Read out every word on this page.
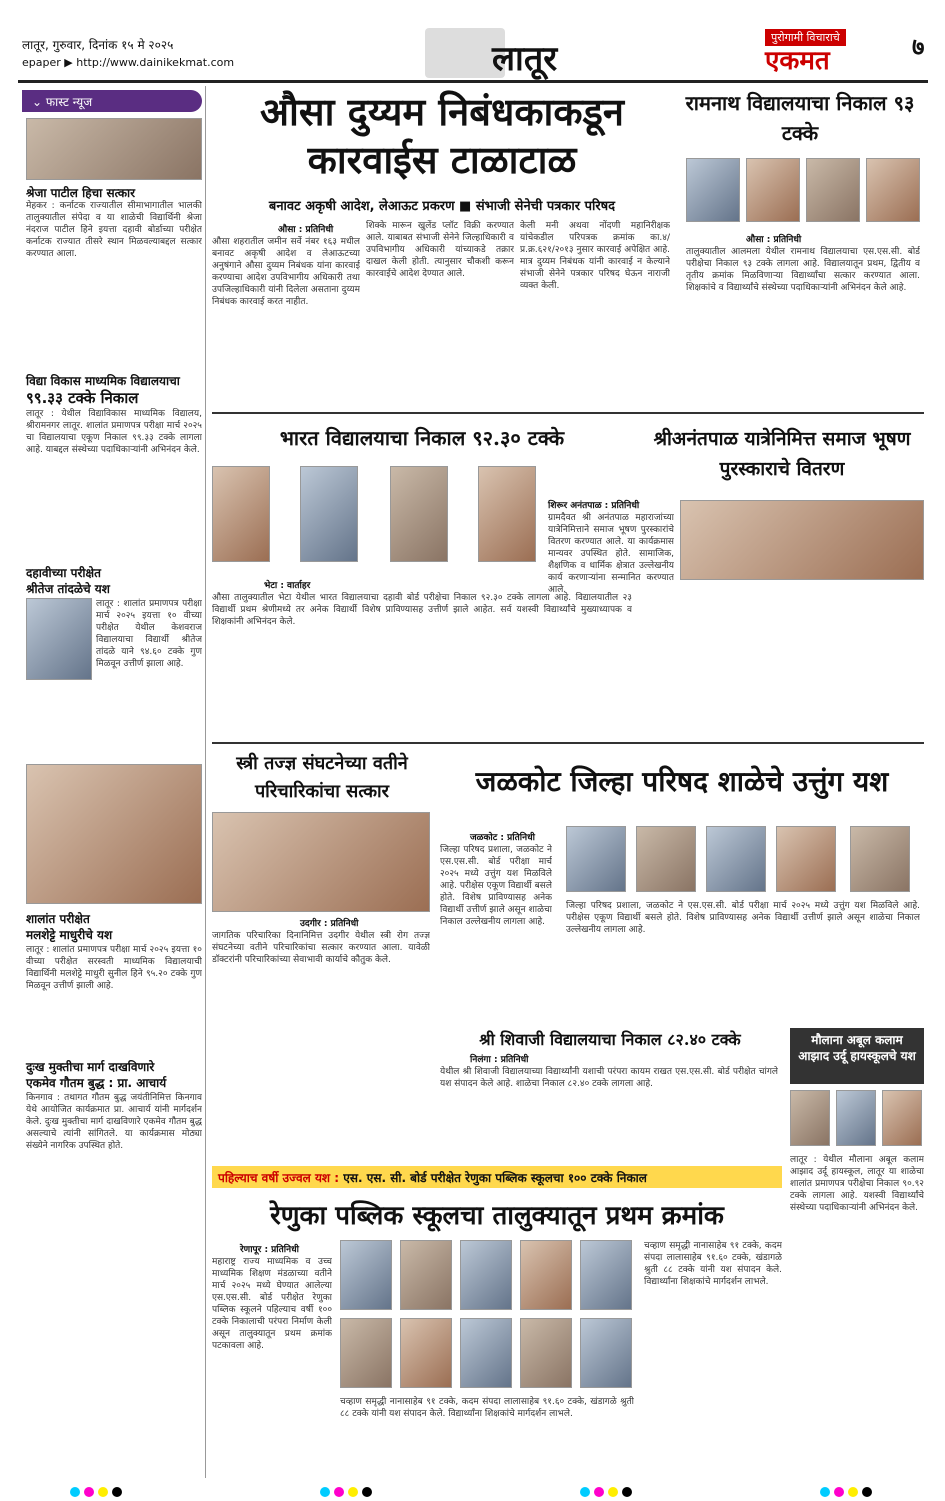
लातूर, गुरुवार, दिनांक १५ मे २०२५
epaper ▶ http://www.dainikekmat.com	लातूर
पुरोगामी विचाराचे
एकमत	७
⌄ फास्ट न्यूज
श्रेजा पाटील हिचा सत्कार
मेहकर : कर्नाटक राज्यातील सीमाभागातील भालकी तालुक्यातील संपेदा व या शाळेची विद्यार्थिनी श्रेजा नंदराज पाटील हिने इयत्ता दहावी बोर्डाच्या परीक्षेत कर्नाटक राज्यात तीसरे स्थान मिळवल्याबद्दल सत्कार करण्यात आला.
विद्या विकास माध्यमिक विद्यालयाचा
९९.३३ टक्के निकाल
लातूर : येथील विद्याविकास माध्यमिक विद्यालय, श्रीरामनगर लातूर. शालांत प्रमाणपत्र परीक्षा मार्च २०२५ चा विद्यालयाचा एकूण निकाल ९९.३३ टक्के लागला आहे. याबद्दल संस्थेच्या पदाधिकाऱ्यांनी अभिनंदन केले.
दहावीच्या परीक्षेत
श्रीतेज तांदळेचे यश
लातूर : शालांत प्रमाणपत्र परीक्षा मार्च २०२५ इयत्ता १० वीच्या परीक्षेत येथील केशवराज विद्यालयाचा विद्यार्थी श्रीतेज तांदळे याने ९४.६० टक्के गुण मिळवून उत्तीर्ण झाला आहे.
शालांत परीक्षेत
मलशेट्टे माधुरीचे यश
लातूर : शालांत प्रमाणपत्र परीक्षा मार्च २०२५ इयत्ता १० वीच्या परीक्षेत सरस्वती माध्यमिक विद्यालयाची विद्यार्थिनी मलशेट्टे माधुरी सुनील हिने ९५.२० टक्के गुण मिळवून उत्तीर्ण झाली आहे.
दुःख मुक्तीचा मार्ग दाखविणारे
एकमेव गौतम बुद्ध : प्रा. आचार्य
किनगाव : तथागत गौतम बुद्ध जयंतीनिमित्त किनगाव येथे आयोजित कार्यक्रमात प्रा. आचार्य यांनी मार्गदर्शन केले. दुःख मुक्तीचा मार्ग दाखविणारे एकमेव गौतम बुद्ध असल्याचे त्यांनी सांगितले. या कार्यक्रमास मोठ्या संख्येने नागरिक उपस्थित होते.
औसा दुय्यम निबंधकाकडून कारवाईस टाळाटाळ
बनावट अकृषी आदेश, लेआऊट प्रकरण ■ संभाजी सेनेची पत्रकार परिषद
औसा : प्रतिनिधी
औसा शहरातील जमीन सर्वे नंबर १६३ मधील बनावट अकृषी आदेश व लेआऊटच्या अनुषंगाने औसा दुय्यम निबंधक यांना कारवाई करण्याचा आदेश उपविभागीय अधिकारी तथा उपजिल्हाधिकारी यांनी दिलेला असताना दुय्यम निबंधक कारवाई करत नाहीत.
शिक्के मारून खुलेंड प्लॉट विक्री करण्यात आले. याबाबत संभाजी सेनेने जिल्हाधिकारी व उपविभागीय अधिकारी यांच्याकडे तक्रार दाखल केली होती. त्यानुसार चौकशी करून कारवाईचे आदेश देण्यात आले.
केली मनी अथवा नोंदणी महानिरीक्षक यांचेकडील परिपत्रक क्रमांक का.४/प्र.क्र.६२१/२०१३ नुसार कारवाई अपेक्षित आहे. मात्र दुय्यम निबंधक यांनी कारवाई न केल्याने संभाजी सेनेने पत्रकार परिषद घेऊन नाराजी व्यक्त केली.
रामनाथ विद्यालयाचा निकाल ९३ टक्के
औसा : प्रतिनिधी
तालुक्यातील आलमला येथील रामनाथ विद्यालयाचा एस.एस.सी. बोर्ड परीक्षेचा निकाल ९३ टक्के लागला आहे. विद्यालयातून प्रथम, द्वितीय व तृतीय क्रमांक मिळविणाऱ्या विद्यार्थ्यांचा सत्कार करण्यात आला. शिक्षकांचे व विद्यार्थ्यांचे संस्थेच्या पदाधिकाऱ्यांनी अभिनंदन केले आहे.
भारत विद्यालयाचा निकाल ९२.३० टक्के
भेटा : वार्ताहर
औसा तालुक्यातील भेटा येथील भारत विद्यालयाचा दहावी बोर्ड परीक्षेचा निकाल ९२.३० टक्के लागला आहे. विद्यालयातील २३ विद्यार्थी प्रथम श्रेणीमध्ये तर अनेक विद्यार्थी विशेष प्राविण्यासह उत्तीर्ण झाले आहेत. सर्व यशस्वी विद्यार्थ्यांचे मुख्याध्यापक व शिक्षकांनी अभिनंदन केले.
श्रीअनंतपाळ यात्रेनिमित्त समाज भूषण पुरस्काराचे वितरण
शिरूर अनंतपाळ : प्रतिनिधी
ग्रामदैवत श्री अनंतपाळ महाराजांच्या यात्रेनिमित्ताने समाज भूषण पुरस्कारांचे वितरण करण्यात आले. या कार्यक्रमास मान्यवर उपस्थित होते. सामाजिक, शैक्षणिक व धार्मिक क्षेत्रात उल्लेखनीय कार्य करणाऱ्यांना सन्मानित करण्यात आले.
स्त्री तज्ज्ञ संघटनेच्या वतीने परिचारिकांचा सत्कार
उदगीर : प्रतिनिधी
जागतिक परिचारिका दिनानिमित्त उदगीर येथील स्त्री रोग तज्ज्ञ संघटनेच्या वतीने परिचारिकांचा सत्कार करण्यात आला. यावेळी डॉक्टरांनी परिचारिकांच्या सेवाभावी कार्याचे कौतुक केले.
जळकोट जिल्हा परिषद शाळेचे उत्तुंग यश
जळकोट : प्रतिनिधी
जिल्हा परिषद प्रशाला, जळकोट ने एस.एस.सी. बोर्ड परीक्षा मार्च २०२५ मध्ये उत्तुंग यश मिळविले आहे. परीक्षेस एकूण विद्यार्थी बसले होते. विशेष प्राविण्यासह अनेक विद्यार्थी उत्तीर्ण झाले असून शाळेचा निकाल उल्लेखनीय लागला आहे.
जिल्हा परिषद प्रशाला, जळकोट ने एस.एस.सी. बोर्ड परीक्षा मार्च २०२५ मध्ये उत्तुंग यश मिळविले आहे. परीक्षेस एकूण विद्यार्थी बसले होते. विशेष प्राविण्यासह अनेक विद्यार्थी उत्तीर्ण झाले असून शाळेचा निकाल उल्लेखनीय लागला आहे.
श्री शिवाजी विद्यालयाचा निकाल ८२.४० टक्के
निलंगा : प्रतिनिधी
येथील श्री शिवाजी विद्यालयाच्या विद्यार्थ्यांनी यशाची परंपरा कायम राखत एस.एस.सी. बोर्ड परीक्षेत चांगले यश संपादन केले आहे. शाळेचा निकाल ८२.४० टक्के लागला आहे.
मौलाना अबूल कलाम आझाद उर्दू हायस्कूलचे यश
लातूर : येथील मौलाना अबूल कलाम आझाद उर्दू हायस्कूल, लातूर या शाळेचा शालांत प्रमाणपत्र परीक्षेचा निकाल ९०.९२ टक्के लागला आहे. यशस्वी विद्यार्थ्यांचे संस्थेच्या पदाधिकाऱ्यांनी अभिनंदन केले.
पहिल्याच वर्षी उज्वल यश : एस. एस. सी. बोर्ड परीक्षेत रेणुका पब्लिक स्कूलचा १०० टक्के निकाल
रेणुका पब्लिक स्कूलचा तालुक्यातून प्रथम क्रमांक
रेणापूर : प्रतिनिधी
महाराष्ट्र राज्य माध्यमिक व उच्च माध्यमिक शिक्षण मंडळाच्या वतीने मार्च २०२५ मध्ये घेण्यात आलेल्या एस.एस.सी. बोर्ड परीक्षेत रेणुका पब्लिक स्कूलने पहिल्याच वर्षी १०० टक्के निकालाची परंपरा निर्माण केली असून तालुक्यातून प्रथम क्रमांक पटकावला आहे.
चव्हाण समृद्धी नानासाहेब ९१ टक्के, कदम संपदा लालासाहेब ९१.६० टक्के, खंडागळे श्रुती ८८ टक्के यांनी यश संपादन केले. विद्यार्थ्यांना शिक्षकांचे मार्गदर्शन लाभले.
चव्हाण समृद्धी नानासाहेब ९१ टक्के, कदम संपदा लालासाहेब ९१.६० टक्के, खंडागळे श्रुती ८८ टक्के यांनी यश संपादन केले. विद्यार्थ्यांना शिक्षकांचे मार्गदर्शन लाभले.
